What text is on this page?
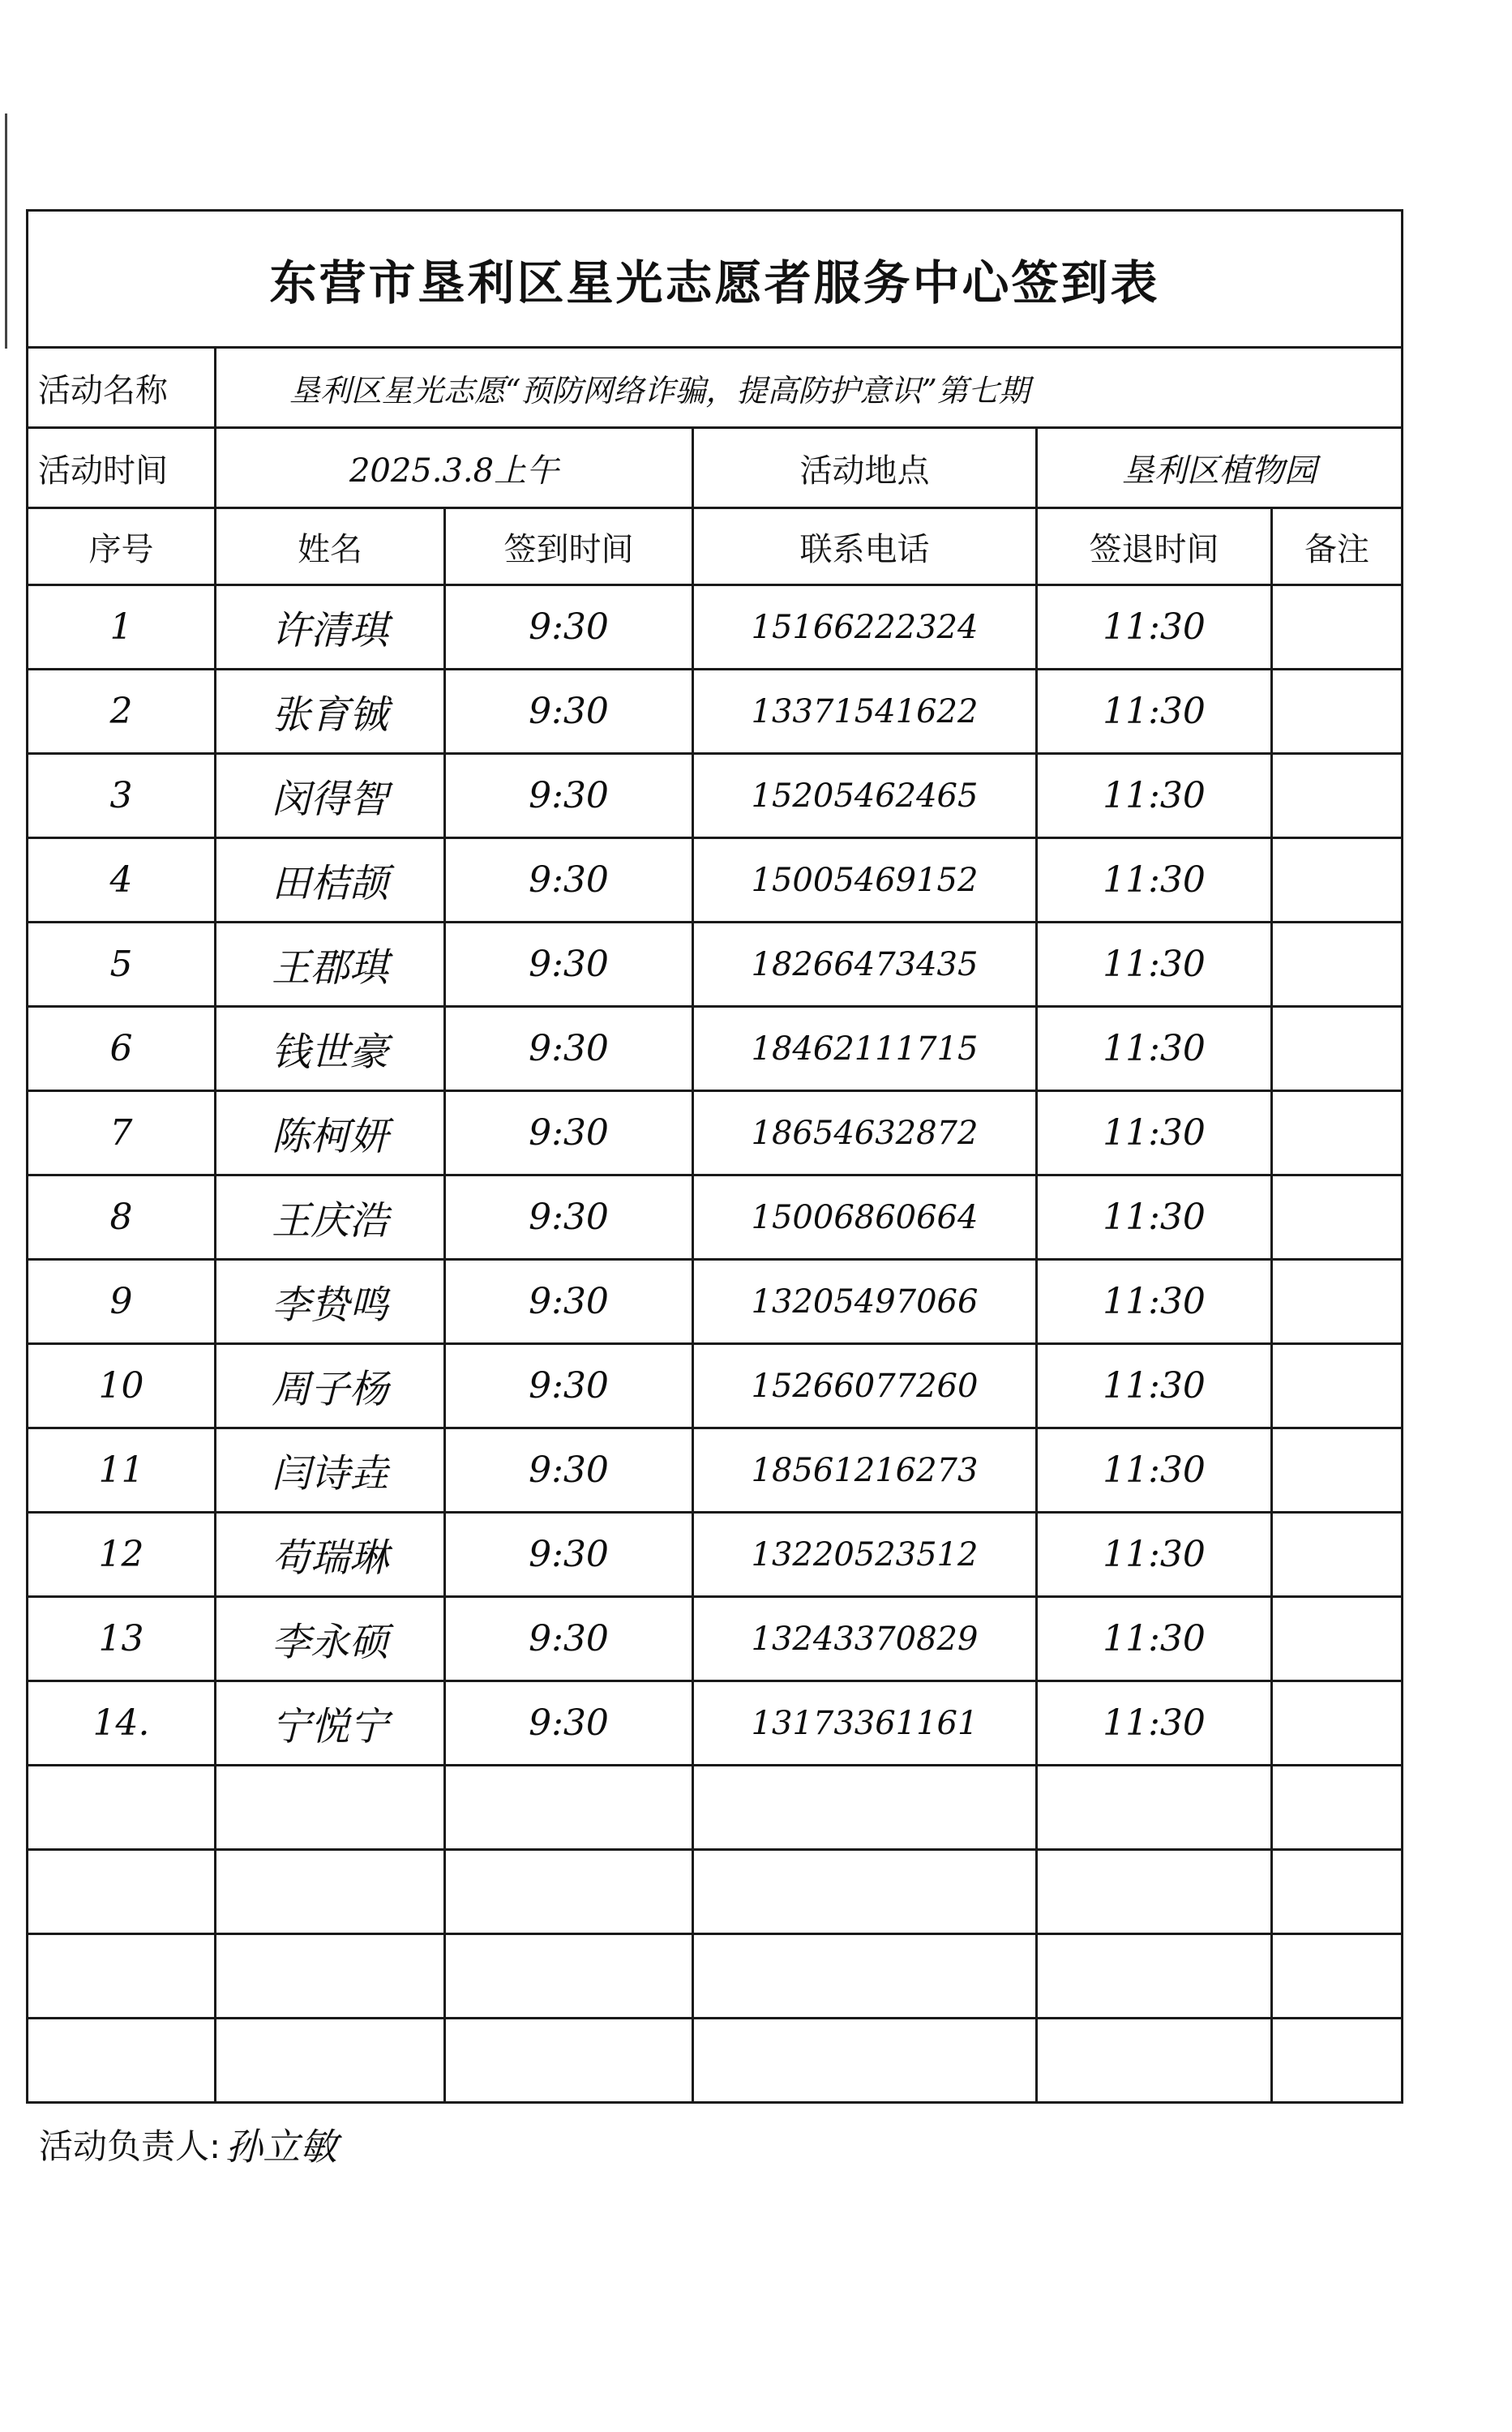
东营市垦利区星光志愿者服务中心签到表					
活动名称	垦利区星光志愿“预防网络诈骗，提高防护意识”第七期				
活动时间	2025.3.8上午		活动地点	垦利区植物园	
序号	姓名	签到时间	联系电话	签退时间	备注
1	许清琪	9:30	15166222324	11:30	
2	张育铖	9:30	13371541622	11:30	
3	闵得智	9:30	15205462465	11:30	
4	田桔颉	9:30	15005469152	11:30	
5	王郡琪	9:30	18266473435	11:30	
6	钱世豪	9:30	18462111715	11:30	
7	陈柯妍	9:30	18654632872	11:30	
8	王庆浩	9:30	15006860664	11:30	
9	李贽鸣	9:30	13205497066	11:30	
10	周子杨	9:30	15266077260	11:30	
11	闫诗垚	9:30	18561216273	11:30	
12	苟瑞琳	9:30	13220523512	11:30	
13	李永硕	9:30	13243370829	11:30	
14.	宁悦宁	9:30	13173361161	11:30	

活动负责人: 孙立敏
